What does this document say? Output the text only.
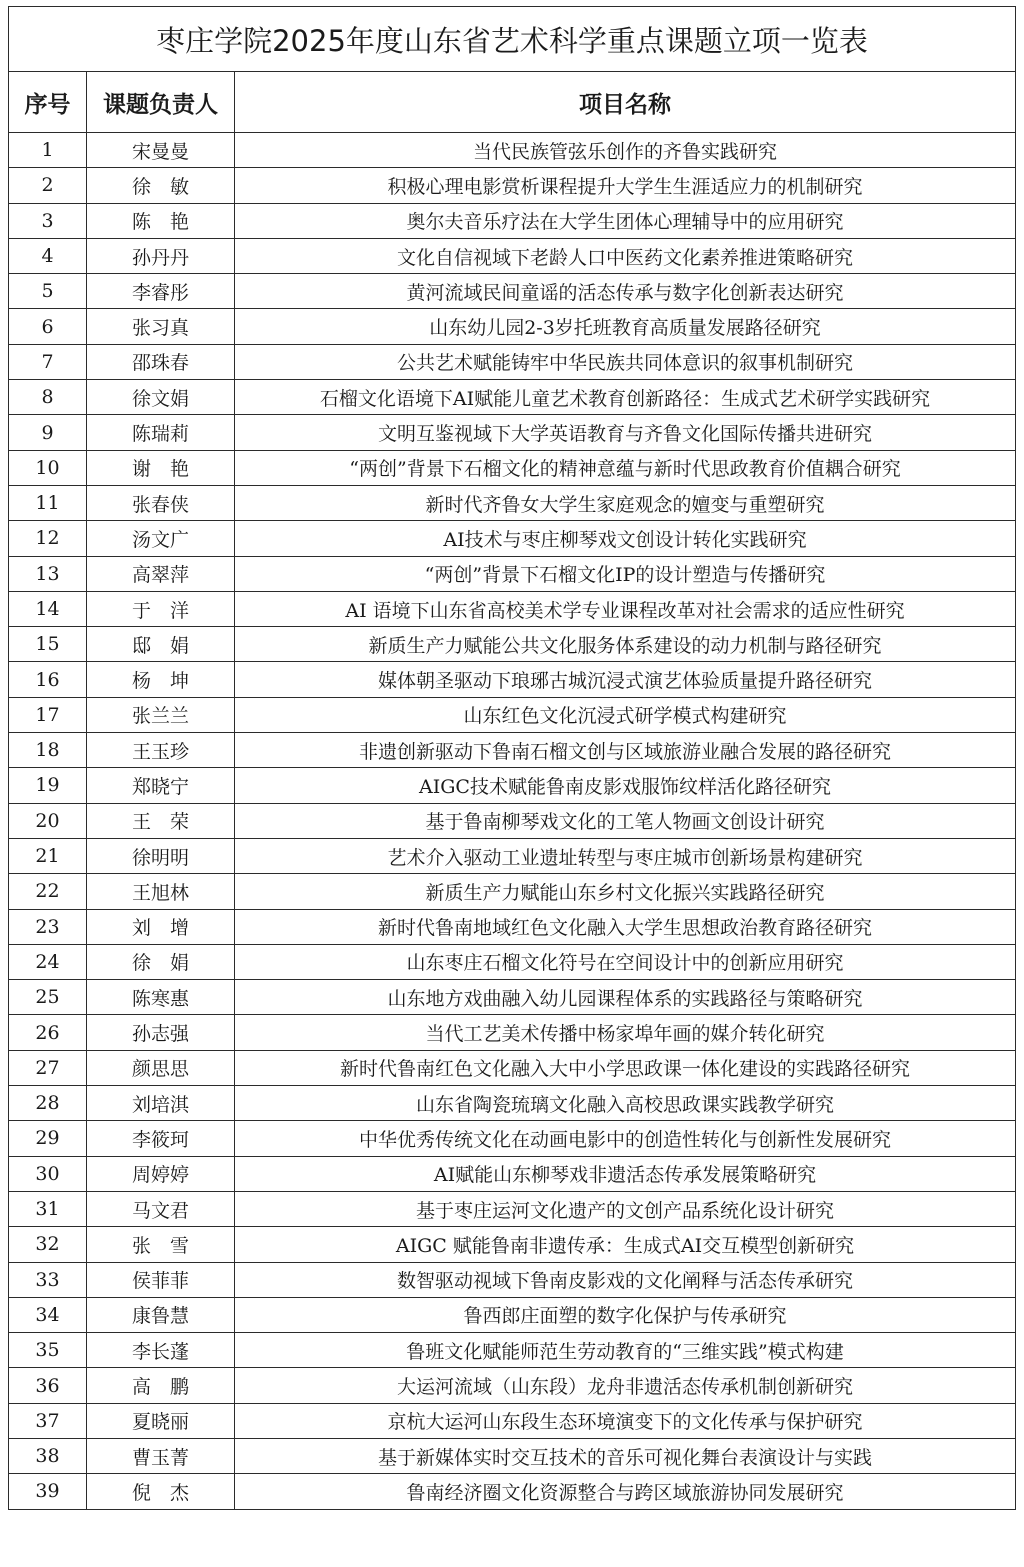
枣庄学院2025年度山东省艺术科学重点课题立项一览表		
序号	课题负责人	项目名称
1	宋曼曼	当代民族管弦乐创作的齐鲁实践研究
2	徐　敏	积极心理电影赏析课程提升大学生生涯适应力的机制研究
3	陈　艳	奥尔夫音乐疗法在大学生团体心理辅导中的应用研究
4	孙丹丹	文化自信视域下老龄人口中医药文化素养推进策略研究
5	李睿彤	黄河流域民间童谣的活态传承与数字化创新表达研究
6	张习真	山东幼儿园2-3岁托班教育高质量发展路径研究
7	邵珠春	公共艺术赋能铸牢中华民族共同体意识的叙事机制研究
8	徐文娟	石榴文化语境下AI赋能儿童艺术教育创新路径：生成式艺术研学实践研究
9	陈瑞莉	文明互鉴视域下大学英语教育与齐鲁文化国际传播共进研究
10	谢　艳	“两创”背景下石榴文化的精神意蕴与新时代思政教育价值耦合研究
11	张春侠	新时代齐鲁女大学生家庭观念的嬗变与重塑研究
12	汤文广	AI技术与枣庄柳琴戏文创设计转化实践研究
13	高翠萍	“两创”背景下石榴文化IP的设计塑造与传播研究
14	于　洋	AI 语境下山东省高校美术学专业课程改革对社会需求的适应性研究
15	邸　娟	新质生产力赋能公共文化服务体系建设的动力机制与路径研究
16	杨　坤	媒体朝圣驱动下琅琊古城沉浸式演艺体验质量提升路径研究
17	张兰兰	山东红色文化沉浸式研学模式构建研究
18	王玉珍	非遗创新驱动下鲁南石榴文创与区域旅游业融合发展的路径研究
19	郑晓宁	AIGC技术赋能鲁南皮影戏服饰纹样活化路径研究
20	王　荣	基于鲁南柳琴戏文化的工笔人物画文创设计研究
21	徐明明	艺术介入驱动工业遗址转型与枣庄城市创新场景构建研究
22	王旭林	新质生产力赋能山东乡村文化振兴实践路径研究
23	刘　增	新时代鲁南地域红色文化融入大学生思想政治教育路径研究
24	徐　娟	山东枣庄石榴文化符号在空间设计中的创新应用研究
25	陈寒惠	山东地方戏曲融入幼儿园课程体系的实践路径与策略研究
26	孙志强	当代工艺美术传播中杨家埠年画的媒介转化研究
27	颜思思	新时代鲁南红色文化融入大中小学思政课一体化建设的实践路径研究
28	刘培淇	山东省陶瓷琉璃文化融入高校思政课实践教学研究
29	李筱珂	中华优秀传统文化在动画电影中的创造性转化与创新性发展研究
30	周婷婷	AI赋能山东柳琴戏非遗活态传承发展策略研究
31	马文君	基于枣庄运河文化遗产的文创产品系统化设计研究
32	张　雪	AIGC 赋能鲁南非遗传承：生成式AI交互模型创新研究
33	侯菲菲	数智驱动视域下鲁南皮影戏的文化阐释与活态传承研究
34	康鲁慧	鲁西郎庄面塑的数字化保护与传承研究
35	李长蓬	鲁班文化赋能师范生劳动教育的“三维实践”模式构建
36	高　鹏	大运河流域（山东段）龙舟非遗活态传承机制创新研究
37	夏晓丽	京杭大运河山东段生态环境演变下的文化传承与保护研究
38	曹玉菁	基于新媒体实时交互技术的音乐可视化舞台表演设计与实践
39	倪　杰	鲁南经济圈文化资源整合与跨区域旅游协同发展研究
